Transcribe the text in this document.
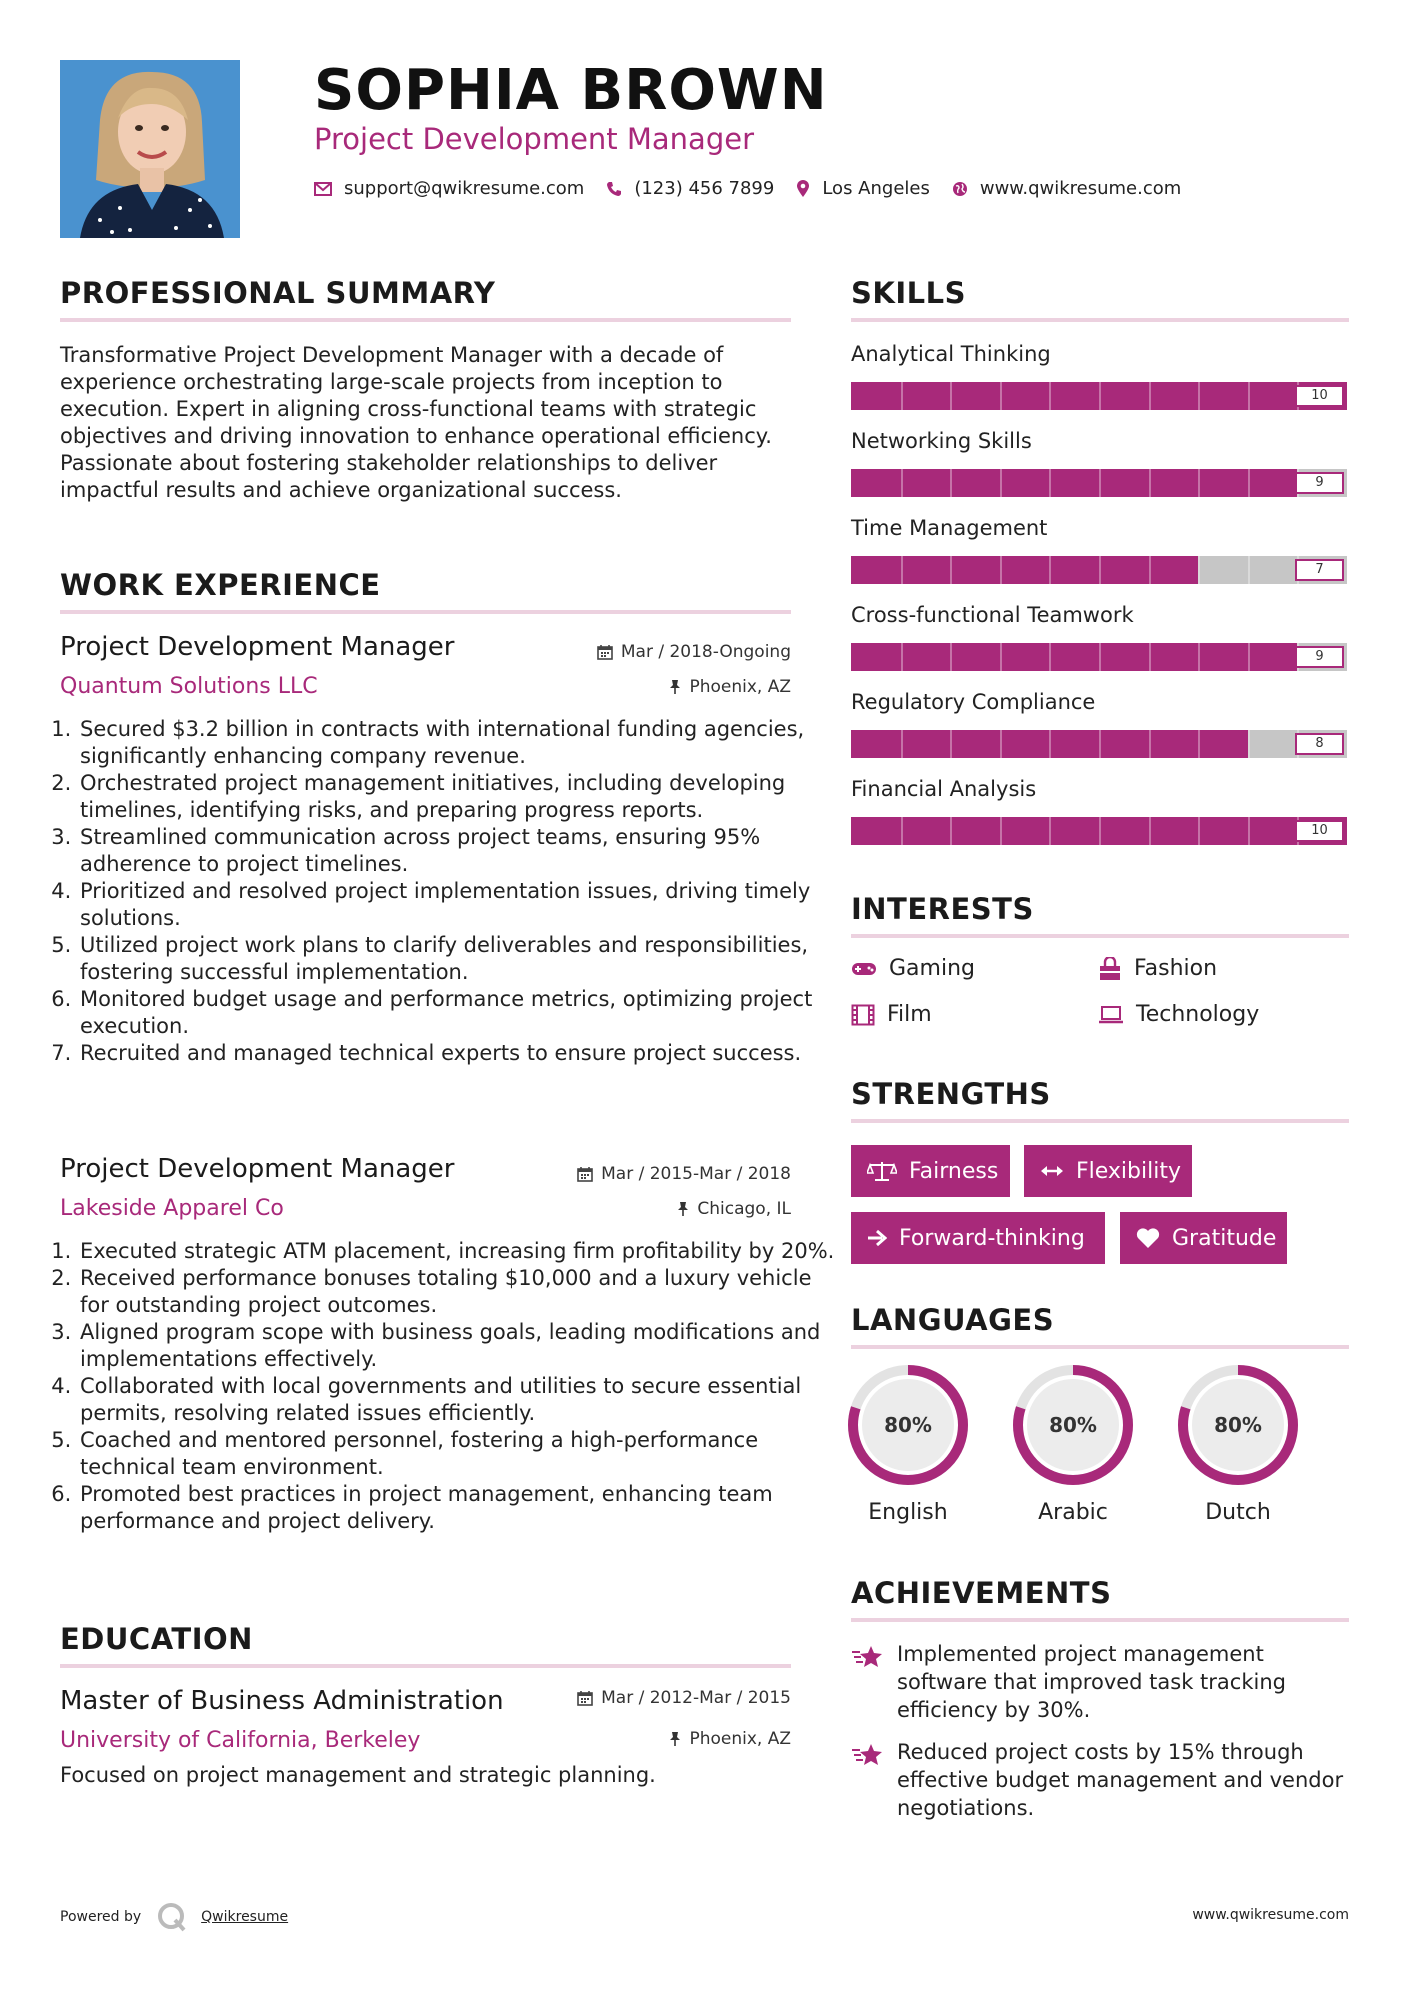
SOPHIA BROWN
Project Development Manager
support@qwikresume.com	(123) 456 7899	Los Angeles	www.qwikresume.com
PROFESSIONAL SUMMARY
Transformative Project Development Manager with a decade of experience orchestrating large-scale projects from inception to execution. Expert in aligning cross-functional teams with strategic objectives and driving innovation to enhance operational efficiency. Passionate about fostering stakeholder relationships to deliver impactful results and achieve organizational success.
WORK EXPERIENCE
Project Development Manager
Quantum Solutions LLC
Mar / 2018-Ongoing
Phoenix, AZ
1. Secured $3.2 billion in contracts with international funding agencies, significantly enhancing company revenue.
2. Orchestrated project management initiatives, including developing timelines, identifying risks, and preparing progress reports.
3. Streamlined communication across project teams, ensuring 95% adherence to project timelines.
4. Prioritized and resolved project implementation issues, driving timely solutions.
5. Utilized project work plans to clarify deliverables and responsibilities, fostering successful implementation.
6. Monitored budget usage and performance metrics, optimizing project execution.
7. Recruited and managed technical experts to ensure project success.
Project Development Manager
Lakeside Apparel Co
Mar / 2015-Mar / 2018
Chicago, IL
1. Executed strategic ATM placement, increasing firm profitability by 20%.
2. Received performance bonuses totaling $10,000 and a luxury vehicle for outstanding project outcomes.
3. Aligned program scope with business goals, leading modifications and implementations effectively.
4. Collaborated with local governments and utilities to secure essential permits, resolving related issues efficiently.
5. Coached and mentored personnel, fostering a high-performance technical team environment.
6. Promoted best practices in project management, enhancing team performance and project delivery.
EDUCATION
Master of Business Administration
University of California, Berkeley
Mar / 2012-Mar / 2015
Phoenix, AZ
Focused on project management and strategic planning.
SKILLS
Analytical Thinking
10
Networking Skills
9
Time Management
7
Cross-functional Teamwork
9
Regulatory Compliance
8
Financial Analysis
10
INTERESTS
Gaming	Fashion
Film	Technology
STRENGTHS
Fairness	Flexibility
Forward-thinking	Gratitude
LANGUAGES
80%
English
80%
Arabic
80%
Dutch
ACHIEVEMENTS
Implemented project management software that improved task tracking efficiency by 30%.
Reduced project costs by 15% through effective budget management and vendor negotiations.
Powered by	Qwikresume	www.qwikresume.com
